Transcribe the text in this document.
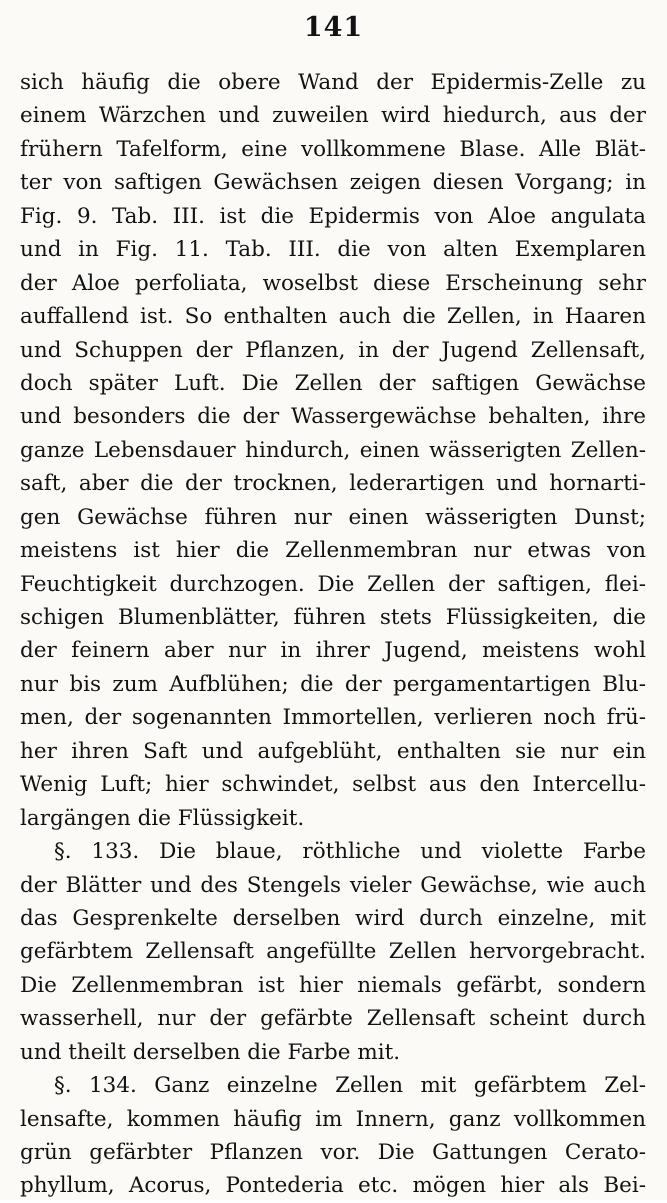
141
sich häufig die obere Wand der Epidermis-Zelle zu
einem Wärzchen und zuweilen wird hiedurch, aus der
frühern Tafelform, eine vollkommene Blase. Alle Blät-
ter von saftigen Gewächsen zeigen diesen Vorgang; in
Fig. 9. Tab. III. ist die Epidermis von Aloe angulata
und in Fig. 11. Tab. III. die von alten Exemplaren
der Aloe perfoliata, woselbst diese Erscheinung sehr
auffallend ist. So enthalten auch die Zellen, in Haaren
und Schuppen der Pflanzen, in der Jugend Zellensaft,
doch später Luft. Die Zellen der saftigen Gewächse
und besonders die der Wassergewächse behalten, ihre
ganze Lebensdauer hindurch, einen wässerigten Zellen-
saft, aber die der trocknen, lederartigen und hornarti-
gen Gewächse führen nur einen wässerigten Dunst;
meistens ist hier die Zellenmembran nur etwas von
Feuchtigkeit durchzogen. Die Zellen der saftigen, flei-
schigen Blumenblätter, führen stets Flüssigkeiten, die
der feinern aber nur in ihrer Jugend, meistens wohl
nur bis zum Aufblühen; die der pergamentartigen Blu-
men, der sogenannten Immortellen, verlieren noch frü-
her ihren Saft und aufgeblüht, enthalten sie nur ein
Wenig Luft; hier schwindet, selbst aus den Intercellu-
largängen die Flüssigkeit.
§. 133. Die blaue, röthliche und violette Farbe
der Blätter und des Stengels vieler Gewächse, wie auch
das Gesprenkelte derselben wird durch einzelne, mit
gefärbtem Zellensaft angefüllte Zellen hervorgebracht.
Die Zellenmembran ist hier niemals gefärbt, sondern
wasserhell, nur der gefärbte Zellensaft scheint durch
und theilt derselben die Farbe mit.
§. 134. Ganz einzelne Zellen mit gefärbtem Zel-
lensafte, kommen häufig im Innern, ganz vollkommen
grün gefärbter Pflanzen vor. Die Gattungen Cerato-
phyllum, Acorus, Pontederia etc. mögen hier als Bei-
